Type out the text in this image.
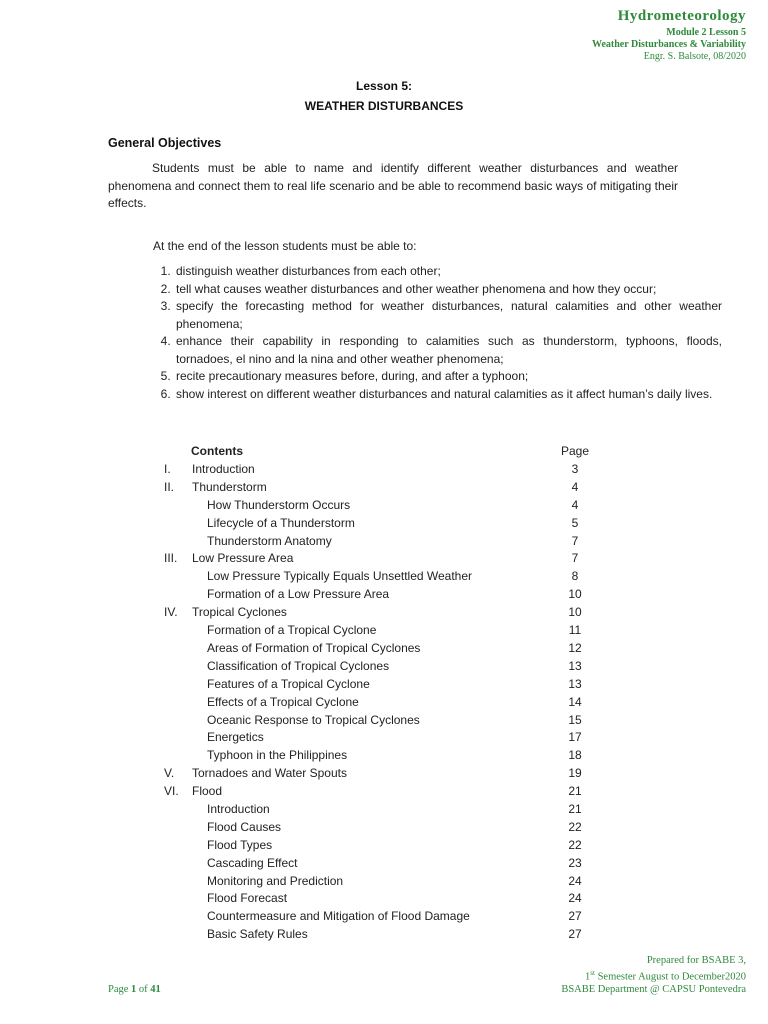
Hydrometeorology
Module 2 Lesson 5
Weather Disturbances & Variability
Engr. S. Balsote, 08/2020
Lesson 5:
WEATHER DISTURBANCES
General Objectives
Students must be able to name and identify different weather disturbances and weather phenomena and connect them to real life scenario and be able to recommend basic ways of mitigating their effects.
At the end of the lesson students must be able to:
1. distinguish weather disturbances from each other;
2. tell what causes weather disturbances and other weather phenomena and how they occur;
3. specify the forecasting method for weather disturbances, natural calamities and other weather phenomena;
4. enhance their capability in responding to calamities such as thunderstorm, typhoons, floods, tornadoes, el nino and la nina and other weather phenomena;
5. recite precautionary measures before, during, and after a typhoon;
6. show interest on different weather disturbances and natural calamities as it affect human’s daily lives.
Contents	Page
I. Introduction	3
II. Thunderstorm	4
How Thunderstorm Occurs	4
Lifecycle of a Thunderstorm	5
Thunderstorm Anatomy	7
III. Low Pressure Area	7
Low Pressure Typically Equals Unsettled Weather	8
Formation of a Low Pressure Area	10
IV. Tropical Cyclones	10
Formation of a Tropical Cyclone	11
Areas of Formation of Tropical Cyclones	12
Classification of Tropical Cyclones	13
Features of a Tropical Cyclone	13
Effects of a Tropical Cyclone	14
Oceanic Response to Tropical Cyclones	15
Energetics	17
Typhoon in the Philippines	18
V. Tornadoes and Water Spouts	19
VI. Flood	21
Introduction	21
Flood Causes	22
Flood Types	22
Cascading Effect	23
Monitoring and Prediction	24
Flood Forecast	24
Countermeasure and Mitigation of Flood Damage	27
Basic Safety Rules	27
Prepared for BSABE 3,
1st Semester August to December2020
BSABE Department @ CAPSU Pontevedra
Page 1 of 41
